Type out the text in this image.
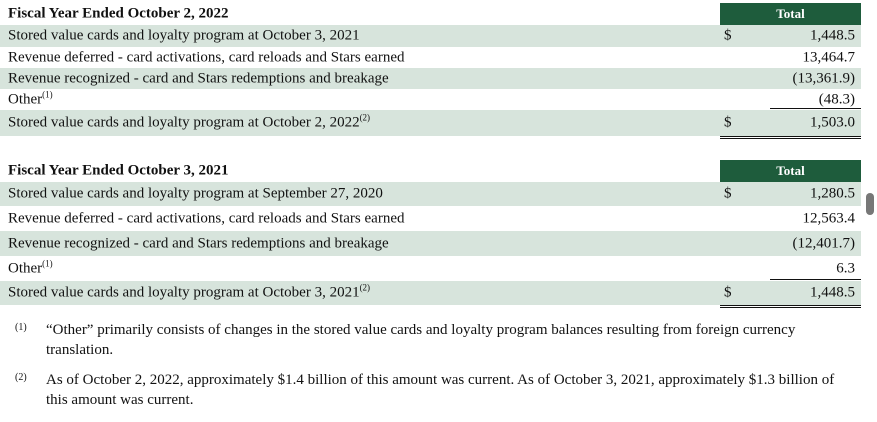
Fiscal Year Ended October 2, 2022	Total
Stored value cards and loyalty program at October 3, 2021	$	1,448.5
Revenue deferred - card activations, card reloads and Stars earned	13,464.7
Revenue recognized - card and Stars redemptions and breakage	(13,361.9)
Other$^{(1)}$	(48.3)
Stored value cards and loyalty program at October 2, 2022$^{(2)}$	$	1,503.0
Fiscal Year Ended October 3, 2021	Total
Stored value cards and loyalty program at September 27, 2020	$	1,280.5
Revenue deferred - card activations, card reloads and Stars earned	12,563.4
Revenue recognized - card and Stars redemptions and breakage	(12,401.7)
Other$^{(1)}$	6.3
Stored value cards and loyalty program at October 3, 2021$^{(2)}$	$	1,448.5
(1) “Other” primarily consists of changes in the stored value cards and loyalty program balances resulting from foreign currency translation.
(2) As of October 2, 2022, approximately $1.4 billion of this amount was current. As of October 3, 2021, approximately $1.3 billion of this amount was current.
